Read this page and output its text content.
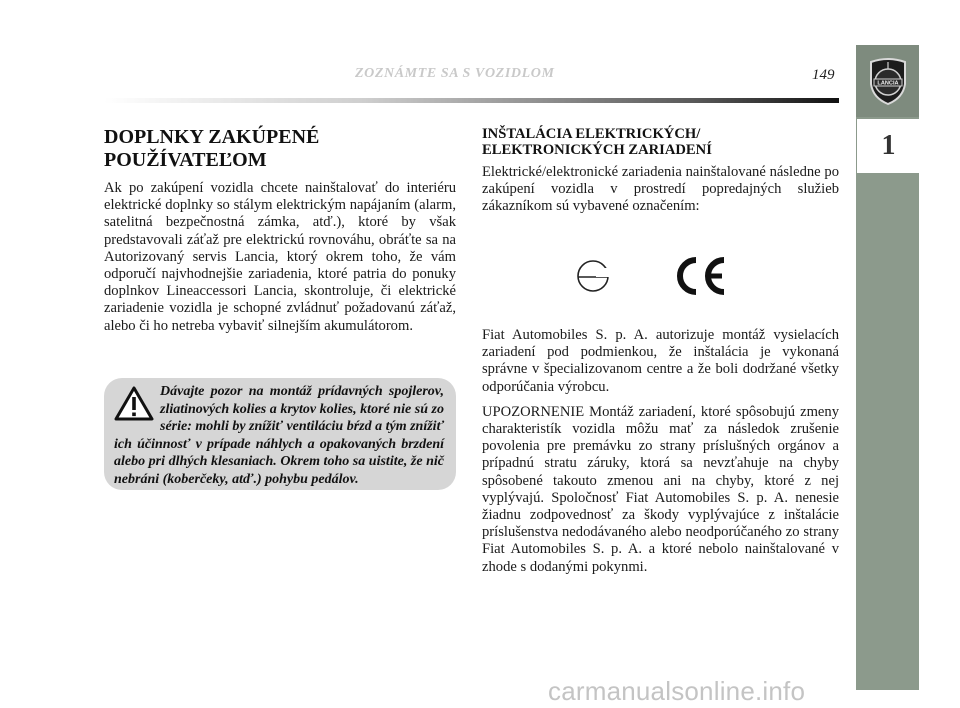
ZOZNÁMTE SA S VOZIDLOM	149
LANCIA
1
DOPLNKY ZAKÚPENÉ
POUŽÍVATEĽOM

Ak po zakúpení vozidla chcete nainštalovať do interiéru elektrické doplnky so stálym elektrickým napájaním (alarm, satelitná bezpečnostná zámka, atď.), ktoré by však predstavovali záťaž pre elektrickú rovnováhu, obráťte sa na Autorizovaný servis Lancia, ktorý okrem toho, že vám odporučí najvhodnejšie zariadenia, ktoré patria do ponuky doplnkov Lineaccessori Lancia, skontroluje, či elektrické zariadenie vozidla je schopné zvládnuť požadovanú záťaž, alebo či ho netreba vybaviť silnejším akumulátorom.

Dávajte pozor na montáž prídavných spojlerov, zliatinových kolies a krytov kolies, ktoré nie sú zo série: mohli by znížiť ventiláciu bŕzd a tým znížiť ich účinnosť v prípade náhlych a opakovaných brzdení alebo pri dlhých klesaniach. Okrem toho sa uistite, že nič nebráni (koberčeky, atď.) pohybu pedálov.
INŠTALÁCIA ELEKTRICKÝCH/
ELEKTRONICKÝCH ZARIADENÍ

Elektrické/elektronické zariadenia nainštalované následne po zakúpení vozidla v prostredí popredajných služieb zákazníkom sú vybavené označením:

Fiat Automobiles S. p. A. autorizuje montáž vysielacích zariadení pod podmienkou, že inštalácia je vykonaná správne v špecializovanom centre a že boli dodržané všetky odporúčania výrobcu.

UPOZORNENIE Montáž zariadení, ktoré spôsobujú zmeny charakteristík vozidla môžu mať za následok zrušenie povolenia pre premávku zo strany príslušných orgánov a prípadnú stratu záruky, ktorá sa nevzťahuje na chyby spôsobené takouto zmenou ani na chyby, ktoré z nej vyplývajú. Spoločnosť Fiat Automobiles S. p. A. nenesie žiadnu zodpovednosť za škody vyplývajúce z inštalácie príslušenstva nedodávaného alebo neodporúčaného zo strany Fiat Automobiles S. p. A. a ktoré nebolo nainštalované v zhode s dodanými pokynmi.

carmanualsonline.info
